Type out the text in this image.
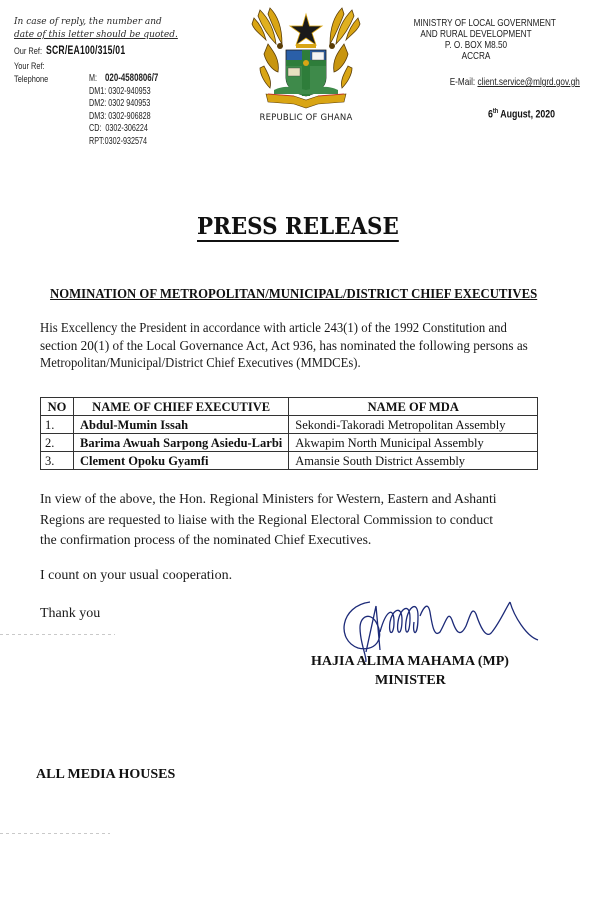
In case of reply, the number and
date of this letter should be quoted.
Our Ref: SCR/EA100/315/01
Your Ref:
Telephone	M: 020-4580806/7
DM1: 0302-940953
DM2: 0302 940953
DM3: 0302-906828
CD: 0302-306224
RPT:0302-932574
REPUBLIC OF GHANA
MINISTRY OF LOCAL GOVERNMENT
AND RURAL DEVELOPMENT
P. O. BOX M8.50
ACCRA
E-Mail: client.service@mlgrd.gov.gh
6th August, 2020
PRESS RELEASE
NOMINATION OF METROPOLITAN/MUNICIPAL/DISTRICT CHIEF EXECUTIVES
His Excellency the President in accordance with article 243(1) of the 1992 Constitution and
section 20(1) of the Local Governance Act, Act 936, has nominated the following persons as
Metropolitan/Municipal/District Chief Executives (MMDCEs).
NO	NAME OF CHIEF EXECUTIVE	NAME OF MDA
1.	Abdul-Mumin Issah	Sekondi-Takoradi Metropolitan Assembly
2.	Barima Awuah Sarpong Asiedu-Larbi	Akwapim North Municipal Assembly
3.	Clement Opoku Gyamfi	Amansie South District Assembly
In view of the above, the Hon. Regional Ministers for Western, Eastern and Ashanti
Regions are requested to liaise with the Regional Electoral Commission to conduct
the confirmation process of the nominated Chief Executives.
I count on your usual cooperation.
Thank you
HAJIA ALIMA MAHAMA (MP)
MINISTER
ALL MEDIA HOUSES
